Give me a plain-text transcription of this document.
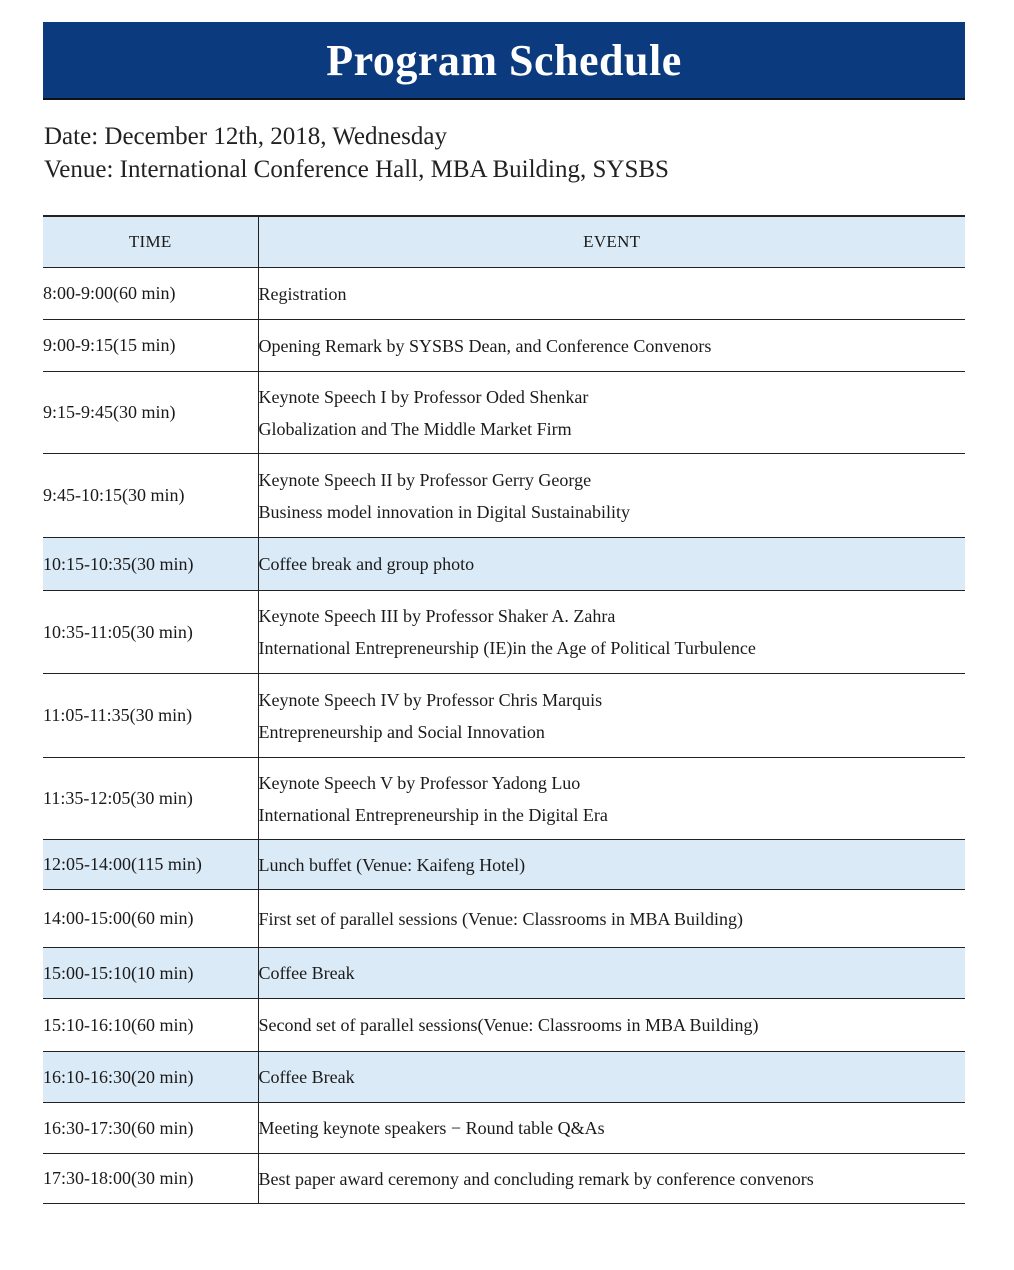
Program Schedule
Date: December 12th, 2018, Wednesday
Venue: International Conference Hall, MBA Building, SYSBS
TIME	EVENT
8:00-9:00(60 min)	Registration

9:00-9:15(15 min)	Opening Remark by SYSBS Dean, and Conference Convenors

9:15-9:45(30 min)	Keynote Speech I by Professor Oded Shenkar
Globalization and The Middle Market Firm

9:45-10:15(30 min)	Keynote Speech II by Professor Gerry George
Business model innovation in Digital Sustainability

10:15-10:35(30 min)	Coffee break and group photo

10:35-11:05(30 min)	Keynote Speech III by Professor Shaker A. Zahra
International Entrepreneurship (IE)in the Age of Political Turbulence

11:05-11:35(30 min)	Keynote Speech IV by Professor Chris Marquis
Entrepreneurship and Social Innovation

11:35-12:05(30 min)	Keynote Speech V by Professor Yadong Luo
International Entrepreneurship in the Digital Era

12:05-14:00(115 min)	Lunch buffet (Venue: Kaifeng Hotel)

14:00-15:00(60 min)	First set of parallel sessions (Venue: Classrooms in MBA Building)

15:00-15:10(10 min)	Coffee Break

15:10-16:10(60 min)	Second set of parallel sessions(Venue: Classrooms in MBA Building)

16:10-16:30(20 min)	Coffee Break

16:30-17:30(60 min)	Meeting keynote speakers − Round table Q&As

17:30-18:00(30 min)	Best paper award ceremony and concluding remark by conference convenors
